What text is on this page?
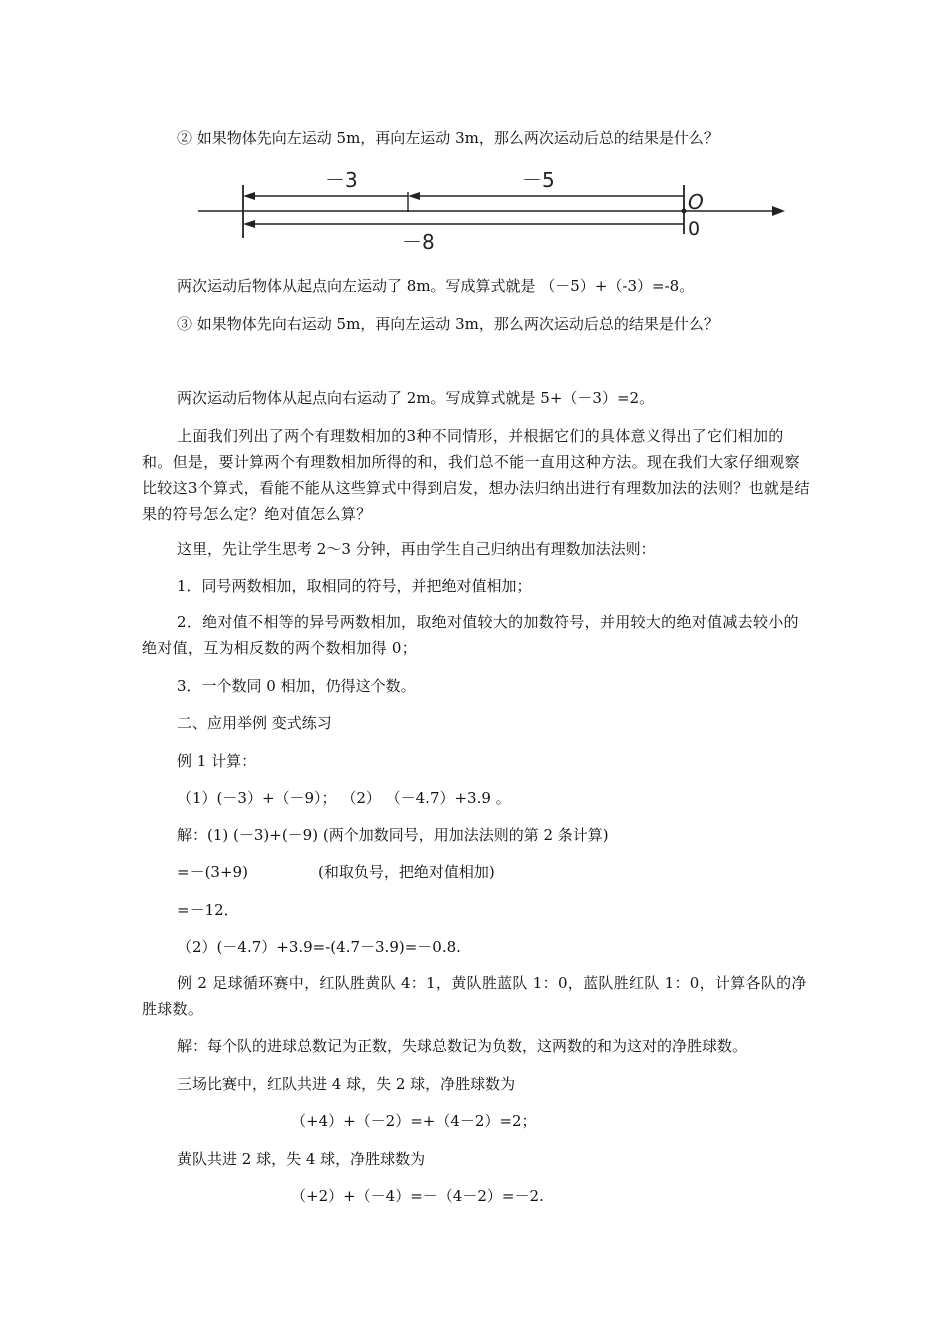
② 如果物体先向左运动 5m，再向左运动 3m，那么两次运动后总的结果是什么？
－3	－5
－8
O
0
两次运动后物体从起点向左运动了 8m。写成算式就是 （－5）+（-3）=-8。
③ 如果物体先向右运动 5m，再向左运动 3m，那么两次运动后总的结果是什么？
两次运动后物体从起点向右运动了 2m。写成算式就是 5+（－3）=2。
上面我们列出了两个有理数相加的3种不同情形，并根据它们的具体意义得出了它们相加的和。但是，要计算两个有理数相加所得的和，我们总不能一直用这种方法。现在我们大家仔细观察比较这3个算式，看能不能从这些算式中得到启发，想办法归纳出进行有理数加法的法则？也就是结果的符号怎么定？绝对值怎么算？
这里，先让学生思考 2～3 分钟，再由学生自己归纳出有理数加法法则：
1．同号两数相加，取相同的符号，并把绝对值相加；
2．绝对值不相等的异号两数相加，取绝对值较大的加数符号，并用较大的绝对值减去较小的绝对值，互为相反数的两个数相加得 0；
3．一个数同 0 相加，仍得这个数。
二、应用举例 变式练习
例 1 计算：
（1）(－3）+（－9）； （2） （－4.7）+3.9 。
解：(1) (－3)+(－9) (两个加数同号，用加法法则的第 2 条计算)
=－(3+9)	(和取负号，把绝对值相加)
=－12．
（2）(－4.7）+3.9=-(4.7－3.9)=－0.8.
例 2 足球循环赛中，红队胜黄队 4：1，黄队胜蓝队 1：0，蓝队胜红队 1：0，计算各队的净胜球数。
解：每个队的进球总数记为正数，失球总数记为负数，这两数的和为这对的净胜球数。
三场比赛中，红队共进 4 球，失 2 球，净胜球数为
（+4）+（－2）=+（4－2）=2；
黄队共进 2 球，失 4 球，净胜球数为
（+2）+（－4）=－（4－2）=－2.
